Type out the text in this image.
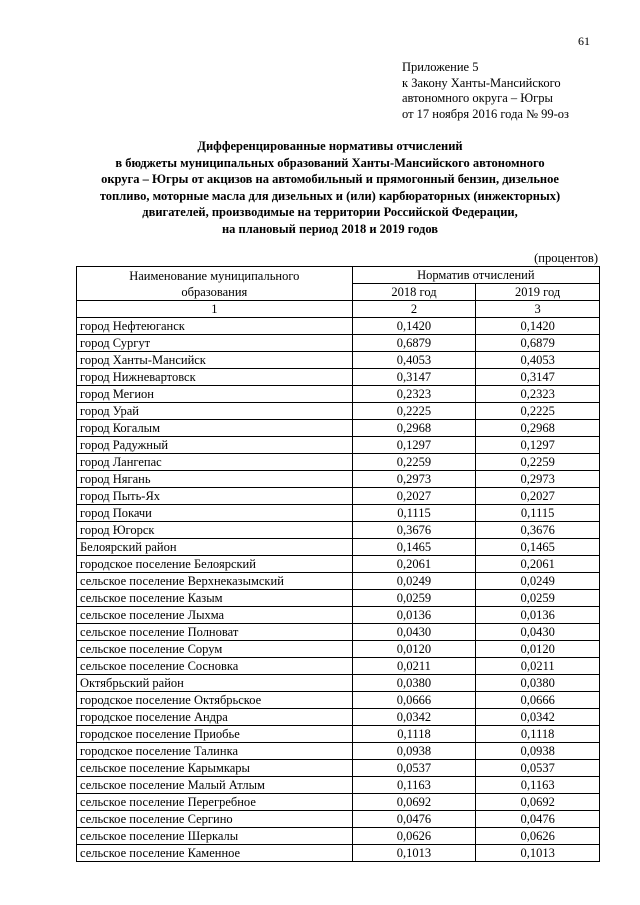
61
Приложение 5
к Закону Ханты-Мансийского
автономного округа – Югры
от 17 ноября 2016 года № 99-оз
Дифференцированные нормативы отчислений
в бюджеты муниципальных образований Ханты-Мансийского автономного
округа – Югры от акцизов на автомобильный и прямогонный бензин, дизельное
топливо, моторные масла для дизельных и (или) карбюраторных (инжекторных)
двигателей, производимые на территории Российской Федерации,
на плановый период 2018 и 2019 годов
(процентов)
Наименование муниципального
образования	Норматив отчислений	
	2018 год	2019 год
1	2	3
город Нефтеюганск	0,1420	0,1420
город Сургут	0,6879	0,6879
город Ханты-Мансийск	0,4053	0,4053
город Нижневартовск	0,3147	0,3147
город Мегион	0,2323	0,2323
город Урай	0,2225	0,2225
город Когалым	0,2968	0,2968
город Радужный	0,1297	0,1297
город Лангепас	0,2259	0,2259
город Нягань	0,2973	0,2973
город Пыть-Ях	0,2027	0,2027
город Покачи	0,1115	0,1115
город Югорск	0,3676	0,3676
Белоярский район	0,1465	0,1465
городское поселение Белоярский	0,2061	0,2061
сельское поселение Верхнеказымский	0,0249	0,0249
сельское поселение Казым	0,0259	0,0259
сельское поселение Лыхма	0,0136	0,0136
сельское поселение Полноват	0,0430	0,0430
сельское поселение Сорум	0,0120	0,0120
сельское поселение Сосновка	0,0211	0,0211
Октябрьский район	0,0380	0,0380
городское поселение Октябрьское	0,0666	0,0666
городское поселение Андра	0,0342	0,0342
городское поселение Приобье	0,1118	0,1118
городское поселение Талинка	0,0938	0,0938
сельское поселение Карымкары	0,0537	0,0537
сельское поселение Малый Атлым	0,1163	0,1163
сельское поселение Перегребное	0,0692	0,0692
сельское поселение Сергино	0,0476	0,0476
сельское поселение Шеркалы	0,0626	0,0626
сельское поселение Каменное	0,1013	0,1013
